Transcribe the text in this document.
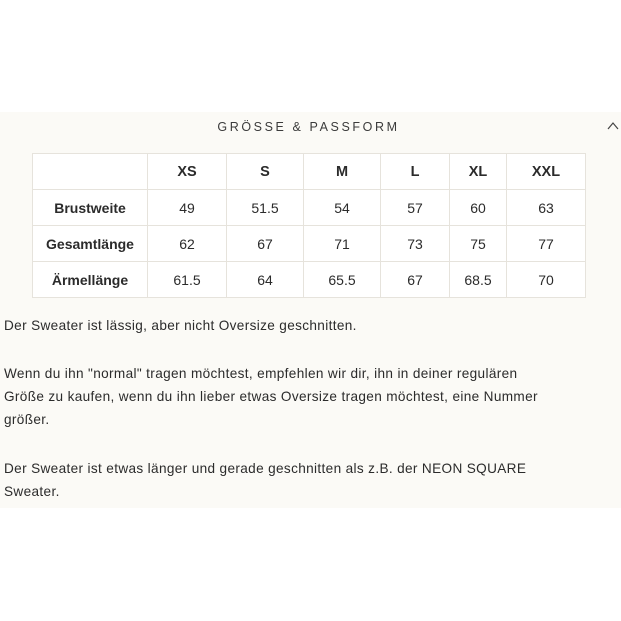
GRÖSSE & PASSFORM
	XS	S	M	L	XL	XXL
Brustweite	49	51.5	54	57	60	63
Gesamtlänge	62	67	71	73	75	77
Ärmellänge	61.5	64	65.5	67	68.5	70

Der Sweater ist lässig, aber nicht Oversize geschnitten.

Wenn du ihn "normal" tragen möchtest, empfehlen wir dir, ihn in deiner regulären

Größe zu kaufen, wenn du ihn lieber etwas Oversize tragen möchtest, eine Nummer

größer.

Der Sweater ist etwas länger und gerade geschnitten als z.B. der NEON SQUARE

Sweater.
